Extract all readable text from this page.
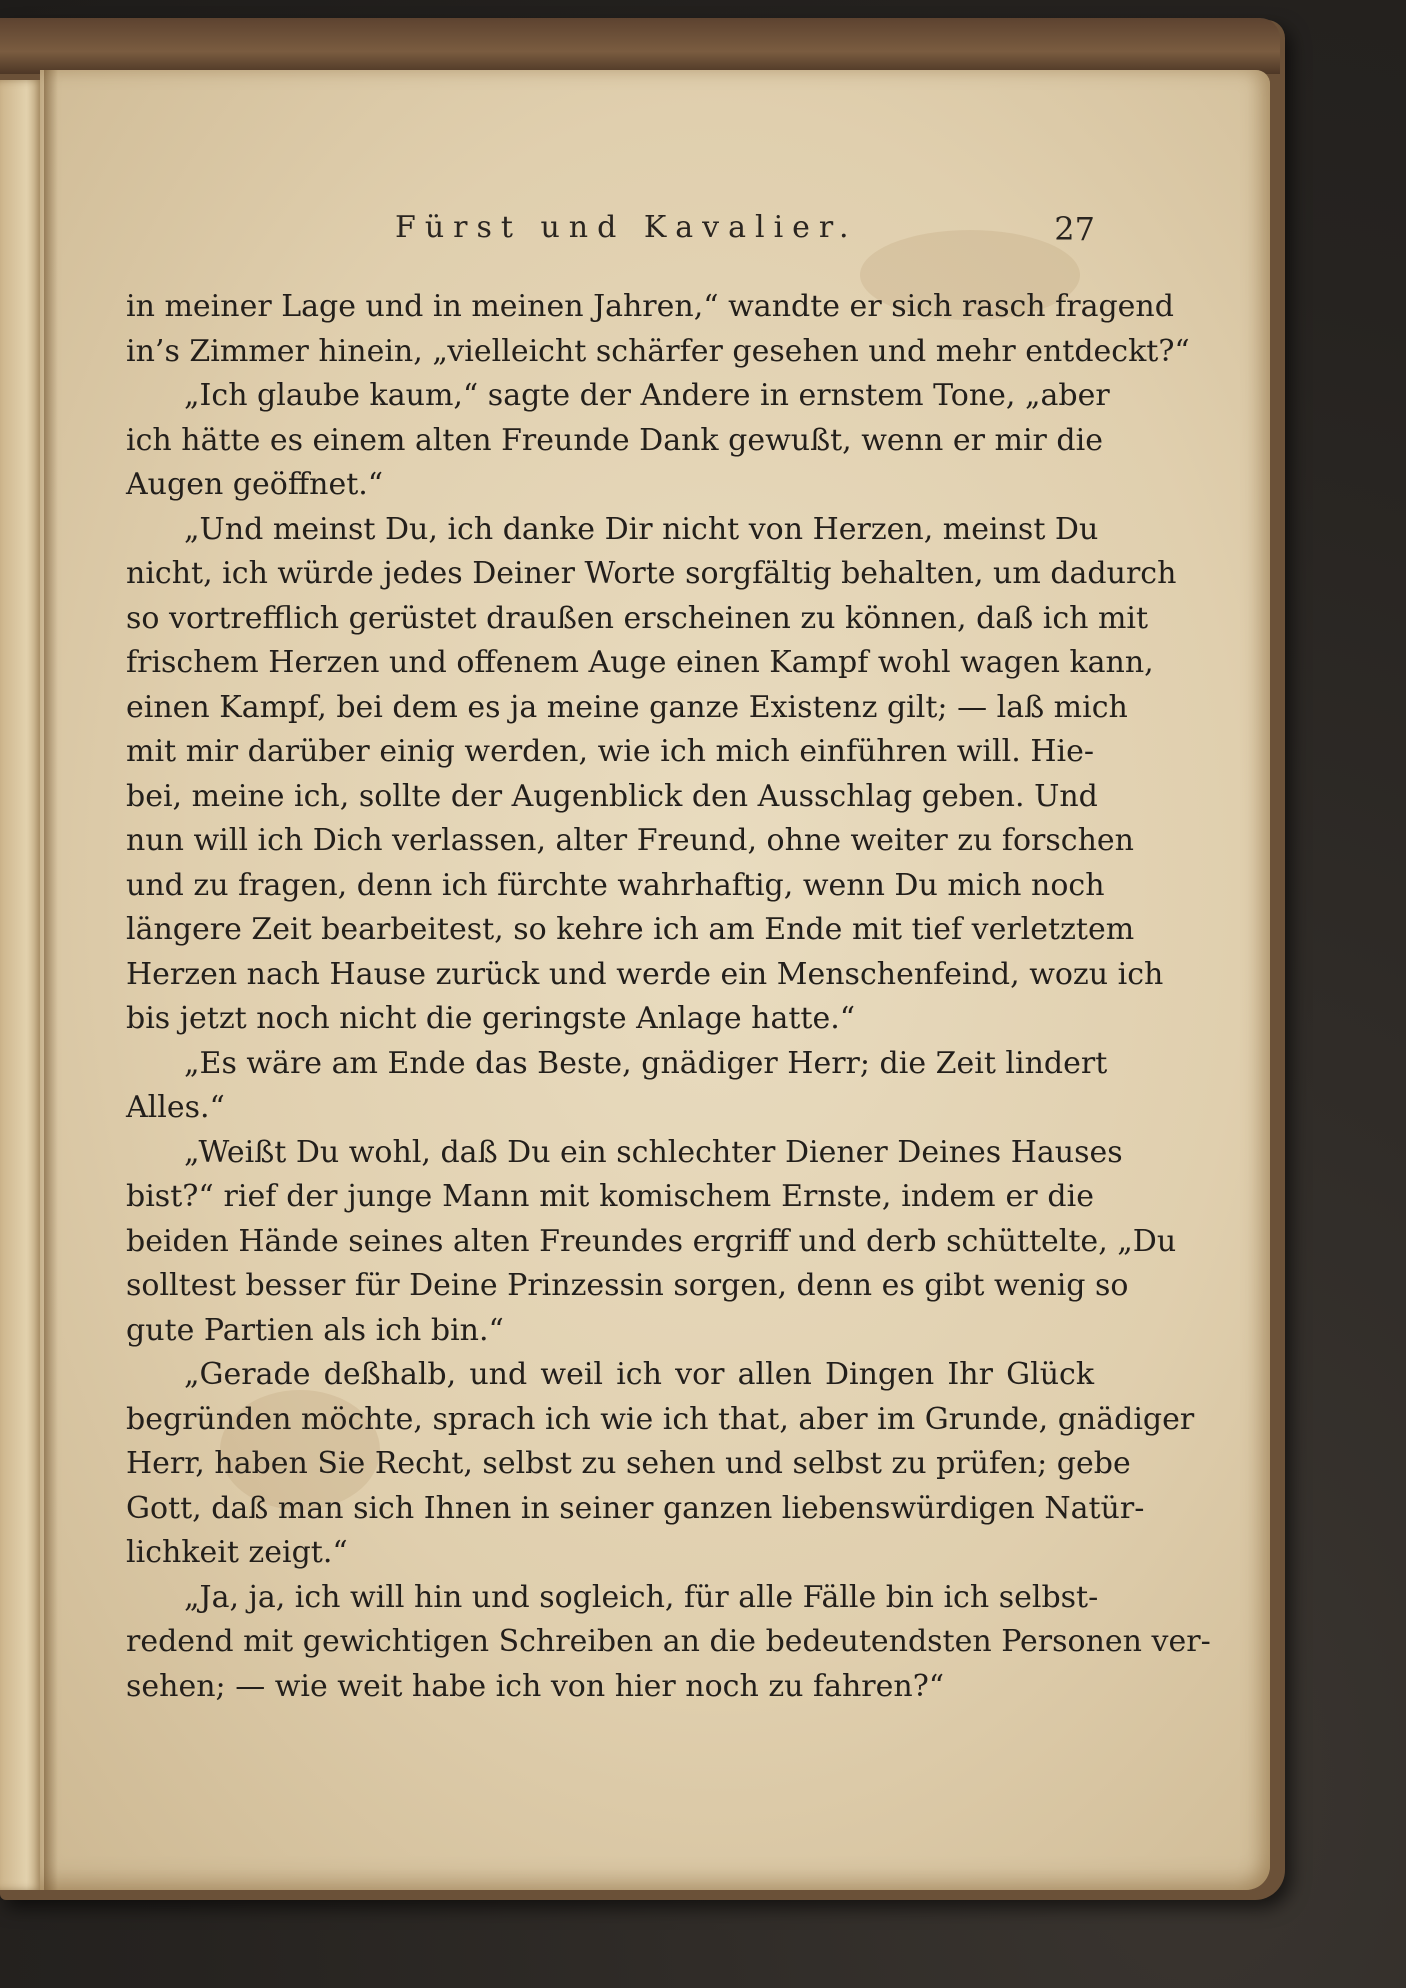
Fürst und Kavalier.	27
in meiner Lage und in meinen Jahren,“ wandte er sich rasch fragend
in’s Zimmer hinein, „vielleicht schärfer gesehen und mehr entdeckt?“
„Ich glaube kaum,“ sagte der Andere in ernstem Tone, „aber
ich hätte es einem alten Freunde Dank gewußt, wenn er mir die
Augen geöffnet.“
„Und meinst Du, ich danke Dir nicht von Herzen, meinst Du
nicht, ich würde jedes Deiner Worte sorgfältig behalten, um dadurch
so vortrefflich gerüstet draußen erscheinen zu können, daß ich mit
frischem Herzen und offenem Auge einen Kampf wohl wagen kann,
einen Kampf, bei dem es ja meine ganze Existenz gilt; — laß mich
mit mir darüber einig werden, wie ich mich einführen will. Hie-
bei, meine ich, sollte der Augenblick den Ausschlag geben. Und
nun will ich Dich verlassen, alter Freund, ohne weiter zu forschen
und zu fragen, denn ich fürchte wahrhaftig, wenn Du mich noch
längere Zeit bearbeitest, so kehre ich am Ende mit tief verletztem
Herzen nach Hause zurück und werde ein Menschenfeind, wozu ich
bis jetzt noch nicht die geringste Anlage hatte.“
„Es wäre am Ende das Beste, gnädiger Herr; die Zeit lindert
Alles.“
„Weißt Du wohl, daß Du ein schlechter Diener Deines Hauses
bist?“ rief der junge Mann mit komischem Ernste, indem er die
beiden Hände seines alten Freundes ergriff und derb schüttelte, „Du
solltest besser für Deine Prinzessin sorgen, denn es gibt wenig so
gute Partien als ich bin.“
„Gerade deßhalb, und weil ich vor allen Dingen Ihr Glück
begründen möchte, sprach ich wie ich that, aber im Grunde, gnädiger
Herr, haben Sie Recht, selbst zu sehen und selbst zu prüfen; gebe
Gott, daß man sich Ihnen in seiner ganzen liebenswürdigen Natür-
lichkeit zeigt.“
„Ja, ja, ich will hin und sogleich, für alle Fälle bin ich selbst-
redend mit gewichtigen Schreiben an die bedeutendsten Personen ver-
sehen; — wie weit habe ich von hier noch zu fahren?“
